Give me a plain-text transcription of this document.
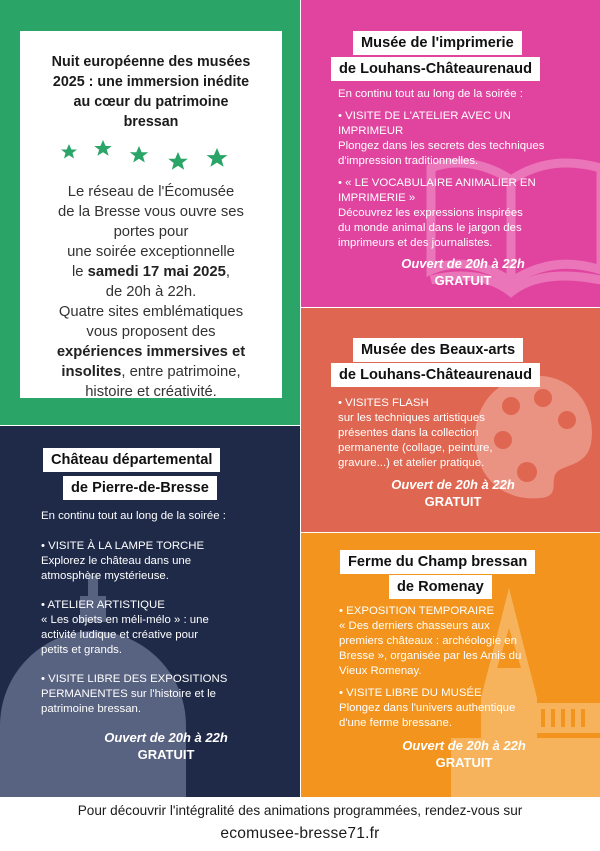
Nuit européenne des musées
2025 : une immersion inédite
au cœur du patrimoine
bressan
Le réseau de l'Écomusée
de la Bresse vous ouvre ses
portes pour
une soirée exceptionnelle
le samedi 17 mai 2025,
de 20h à 22h.
Quatre sites emblématiques
vous proposent des
expériences immersives et
insolites, entre patrimoine,
histoire et créativité.
Musée de l'imprimerie
de Louhans-Châteaurenaud

En continu tout au long de la soirée :

• VISITE DE L'ATELIER AVEC UN

IMPRIMEUR

Plongez dans les secrets des techniques

d'impression traditionnelles.

• « LE VOCABULAIRE ANIMALIER EN

IMPRIMERIE »

Découvrez les expressions inspirées

du monde animal dans le jargon des

imprimeurs et des journalistes.

Ouvert de 20h à 22h

GRATUIT

Musée des Beaux-arts
de Louhans-Châteaurenaud

• VISITES FLASH

sur les techniques artistiques

présentes dans la collection

permanente (collage, peinture,

gravure...) et atelier pratique.

Ouvert de 20h à 22h

GRATUIT

Château départemental
de Pierre-de-Bresse

En continu tout au long de la soirée :

• VISITE À LA LAMPE TORCHE

Explorez le château dans une

atmosphère mystérieuse.

• ATELIER ARTISTIQUE

« Les objets en méli-mélo » : une

activité ludique et créative pour

petits et grands.

• VISITE LIBRE DES EXPOSITIONS

PERMANENTES sur l'histoire et le

patrimoine bressan.

Ouvert de 20h à 22h

GRATUIT

Ferme du Champ bressan
de Romenay

• EXPOSITION TEMPORAIRE

« Des derniers chasseurs aux

premiers châteaux : archéologie en

Bresse », organisée par les Amis du

Vieux Romenay.

• VISITE LIBRE DU MUSÉE

Plongez dans l'univers authentique

d'une ferme bressane.

Ouvert de 20h à 22h

GRATUIT

Pour découvrir l'intégralité des animations programmées, rendez-vous sur
ecomusee-bresse71.fr
